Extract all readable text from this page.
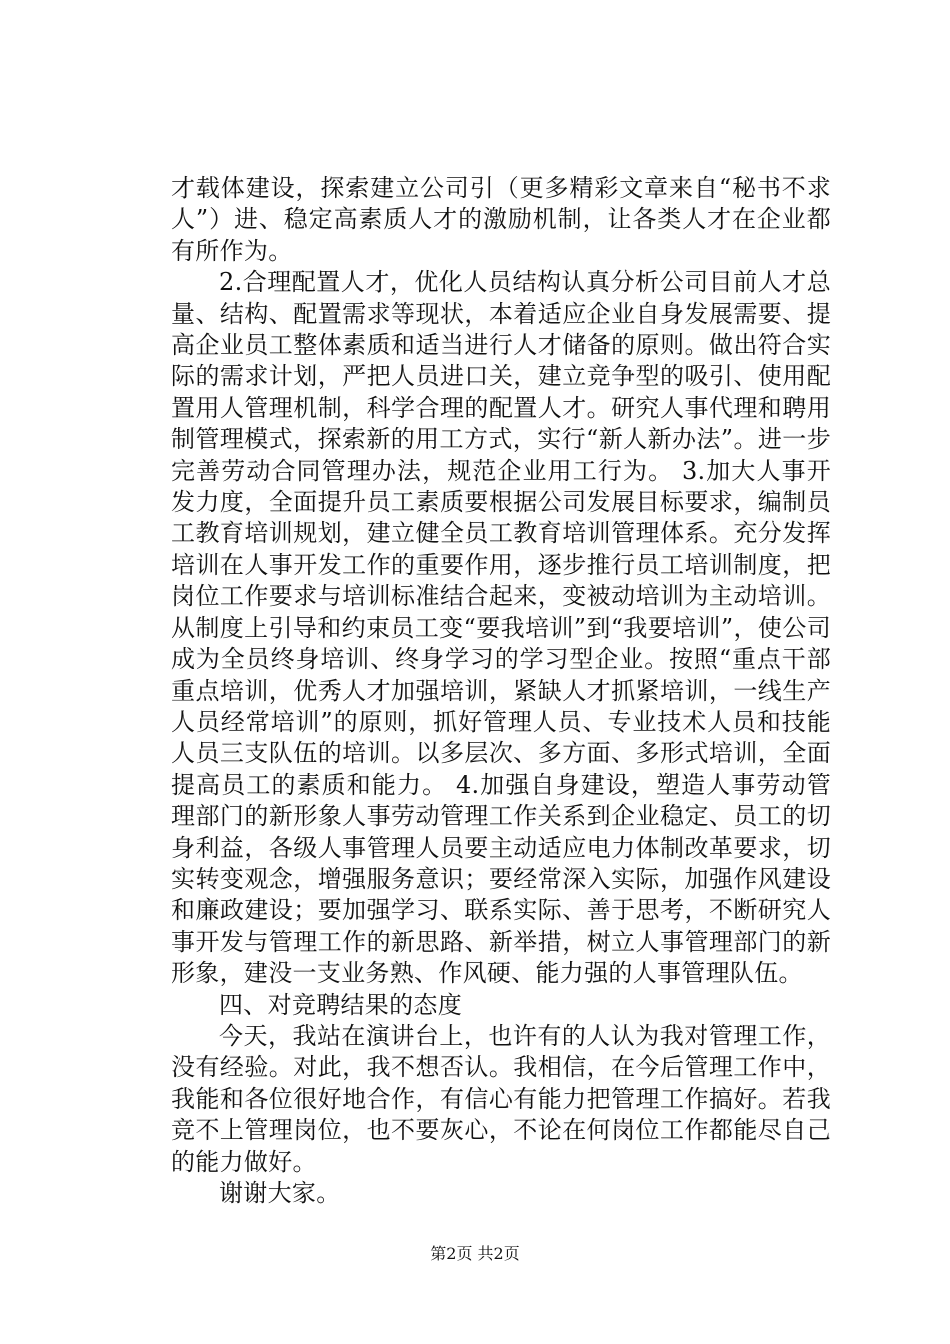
才载体建设，探索建立公司引（更多精彩文章来自“秘书不求人”）进、稳定高素质人才的激励机制，让各类人才在企业都有所作为。

2.合理配置人才，优化人员结构认真分析公司目前人才总量、结构、配置需求等现状，本着适应企业自身发展需要、提高企业员工整体素质和适当进行人才储备的原则。做出符合实际的需求计划，严把人员进口关，建立竞争型的吸引、使用配置用人管理机制，科学合理的配置人才。研究人事代理和聘用制管理模式，探索新的用工方式，实行“新人新办法”。进一步完善劳动合同管理办法，规范企业用工行为。 3.加大人事开发力度，全面提升员工素质要根据公司发展目标要求，编制员工教育培训规划，建立健全员工教育培训管理体系。充分发挥培训在人事开发工作的重要作用，逐步推行员工培训制度，把岗位工作要求与培训标准结合起来，变被动培训为主动培训。从制度上引导和约束员工变“要我培训”到“我要培训”，使公司成为全员终身培训、终身学习的学习型企业。按照“重点干部重点培训，优秀人才加强培训，紧缺人才抓紧培训，一线生产人员经常培训”的原则，抓好管理人员、专业技术人员和技能人员三支队伍的培训。以多层次、多方面、多形式培训，全面提高员工的素质和能力。 4.加强自身建设，塑造人事劳动管理部门的新形象人事劳动管理工作关系到企业稳定、员工的切身利益，各级人事管理人员要主动适应电力体制改革要求，切实转变观念，增强服务意识；要经常深入实际，加强作风建设和廉政建设；要加强学习、联系实际、善于思考，不断研究人事开发与管理工作的新思路、新举措，树立人事管理部门的新形象，建没一支业务熟、作风硬、能力强的人事管理队伍。

四、对竞聘结果的态度

今天，我站在演讲台上，也许有的人认为我对管理工作，没有经验。对此，我不想否认。我相信，在今后管理工作中，我能和各位很好地合作，有信心有能力把管理工作搞好。若我竞不上管理岗位，也不要灰心，不论在何岗位工作都能尽自己的能力做好。

谢谢大家。

第2页 共2页
